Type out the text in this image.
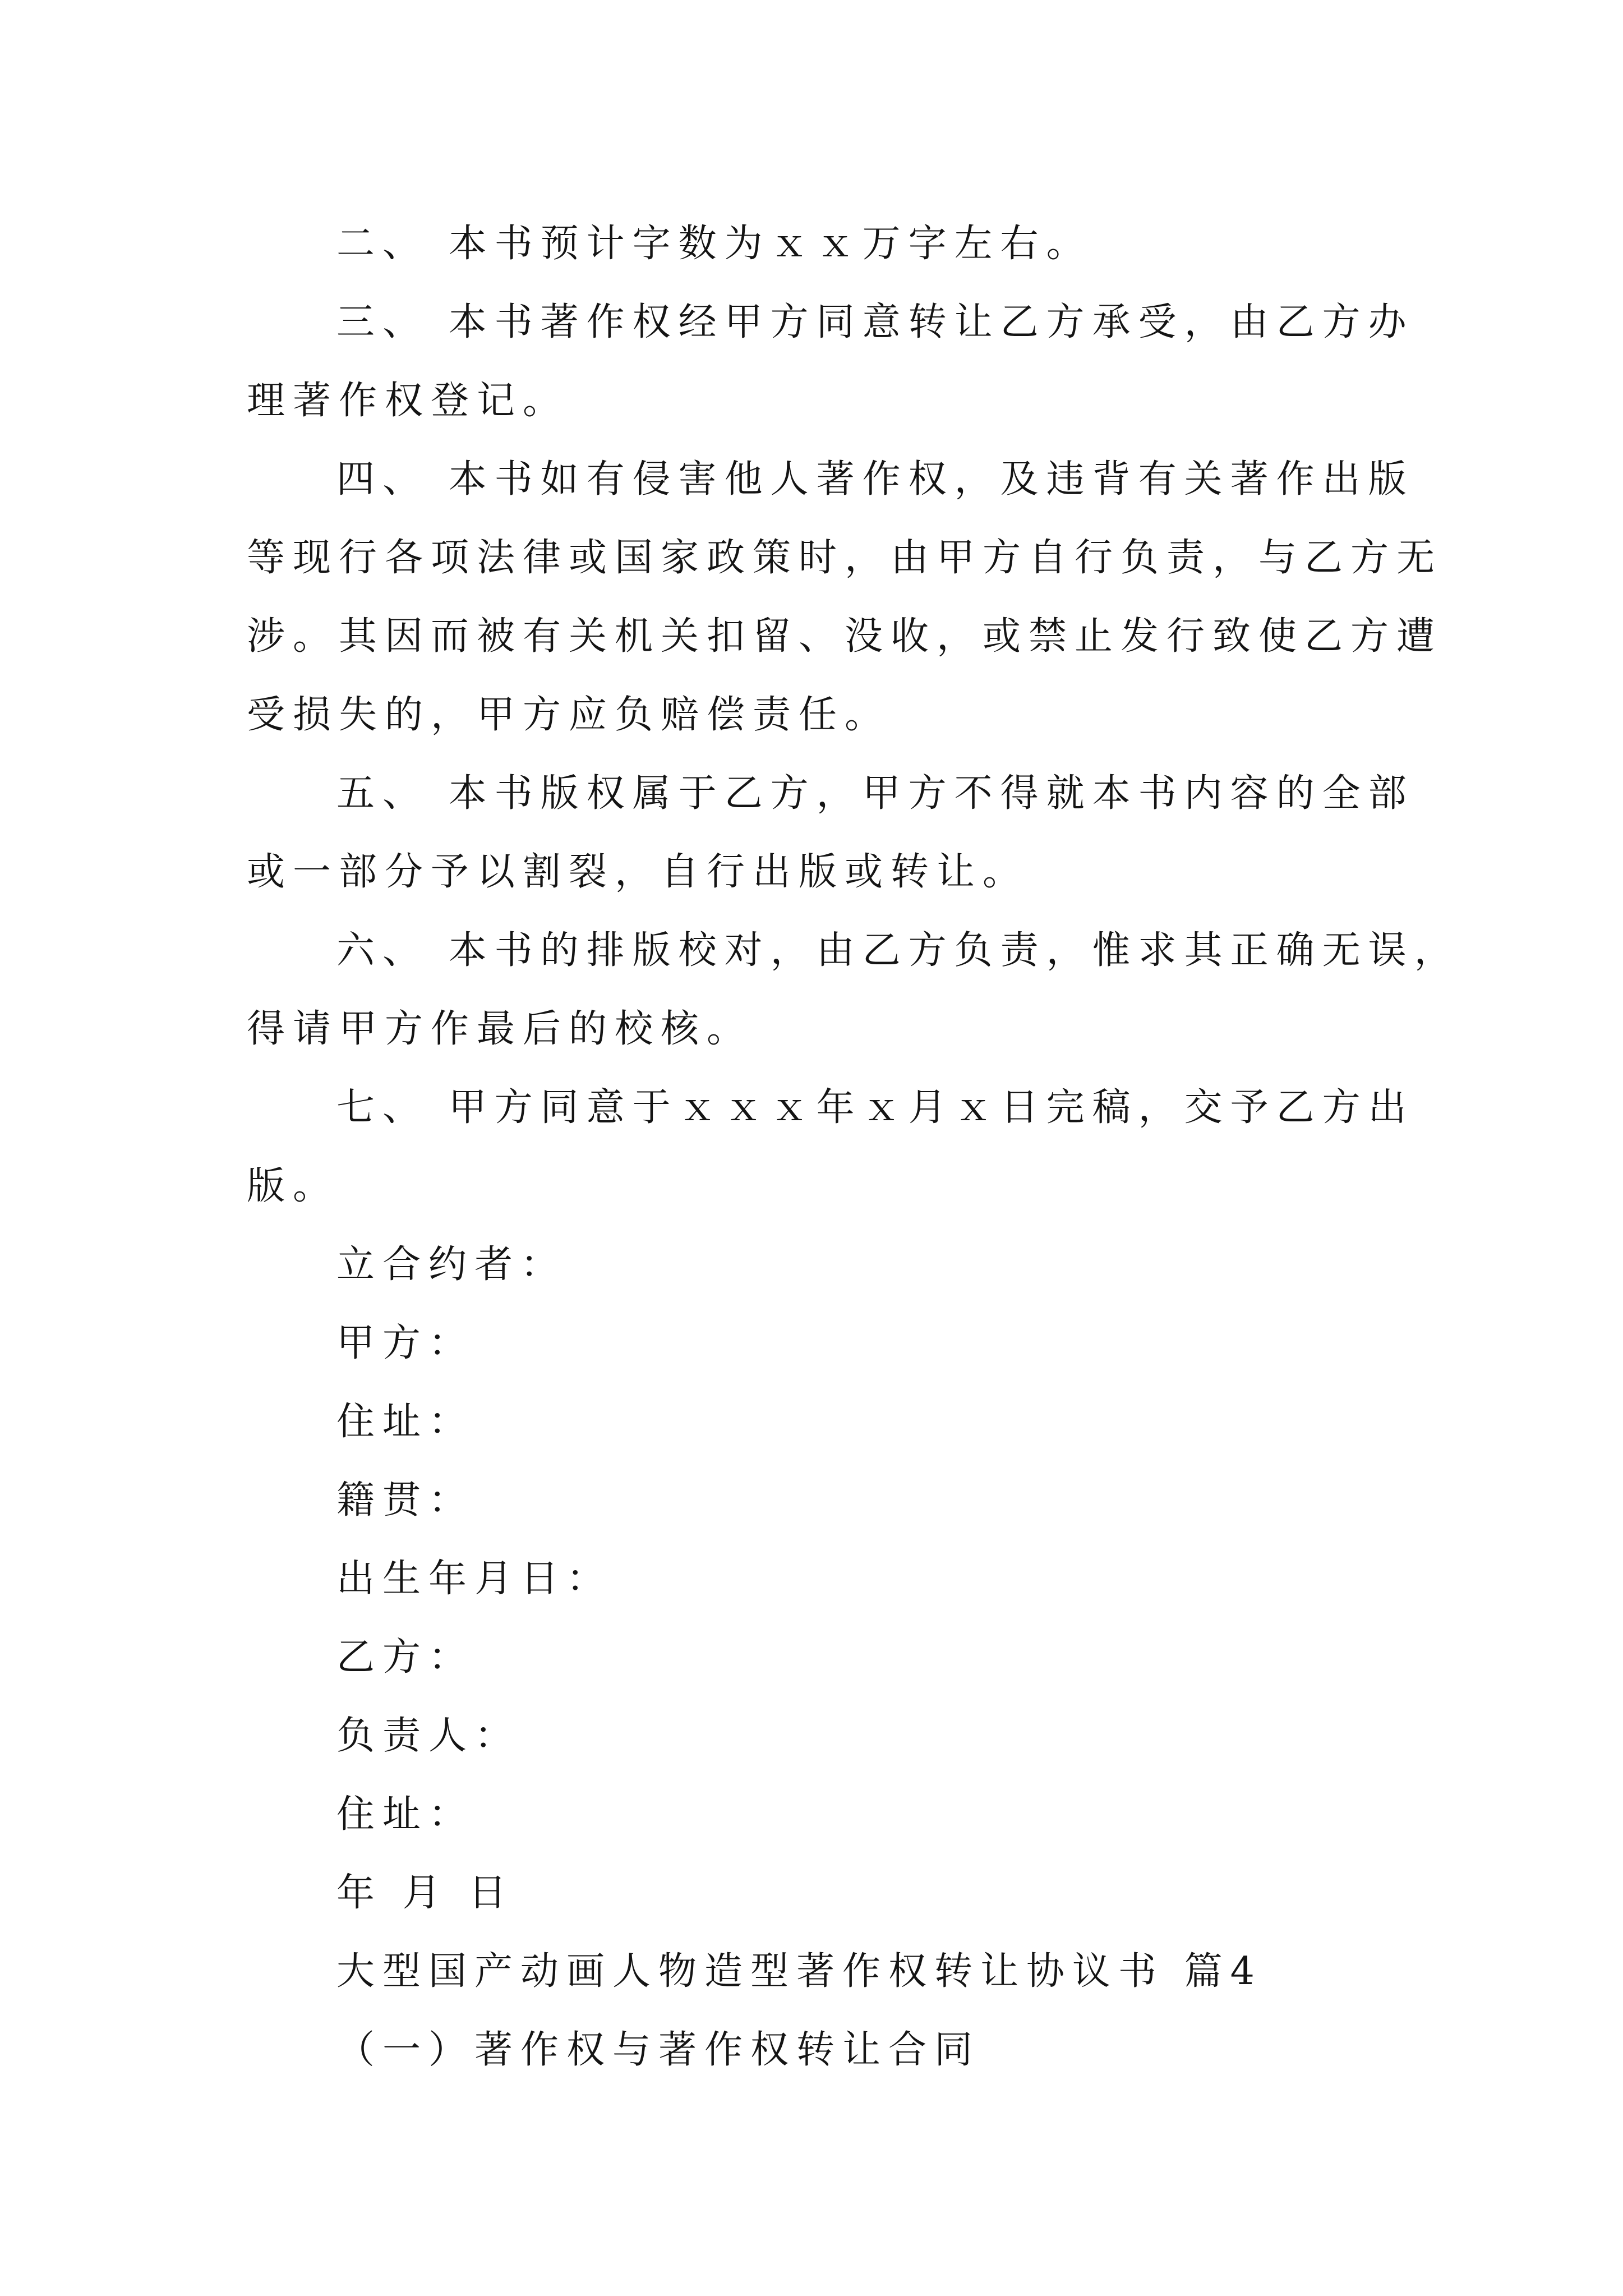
二、 本书预计字数为ｘｘ万字左右。
三、 本书著作权经甲方同意转让乙方承受，由乙方办
理著作权登记。
四、 本书如有侵害他人著作权，及违背有关著作出版
等现行各项法律或国家政策时，由甲方自行负责，与乙方无
涉。其因而被有关机关扣留、没收，或禁止发行致使乙方遭
受损失的，甲方应负赔偿责任。
五、 本书版权属于乙方，甲方不得就本书内容的全部
或一部分予以割裂，自行出版或转让。
六、 本书的排版校对，由乙方负责，惟求其正确无误，
得请甲方作最后的校核。
七、 甲方同意于ｘｘｘ年ｘ月ｘ日完稿，交予乙方出
版。
立合约者：
甲方：
住址：
籍贯：
出生年月日：
乙方：
负责人：
住址：
年 月 日
大型国产动画人物造型著作权转让协议书 篇4
（一）著作权与著作权转让合同
